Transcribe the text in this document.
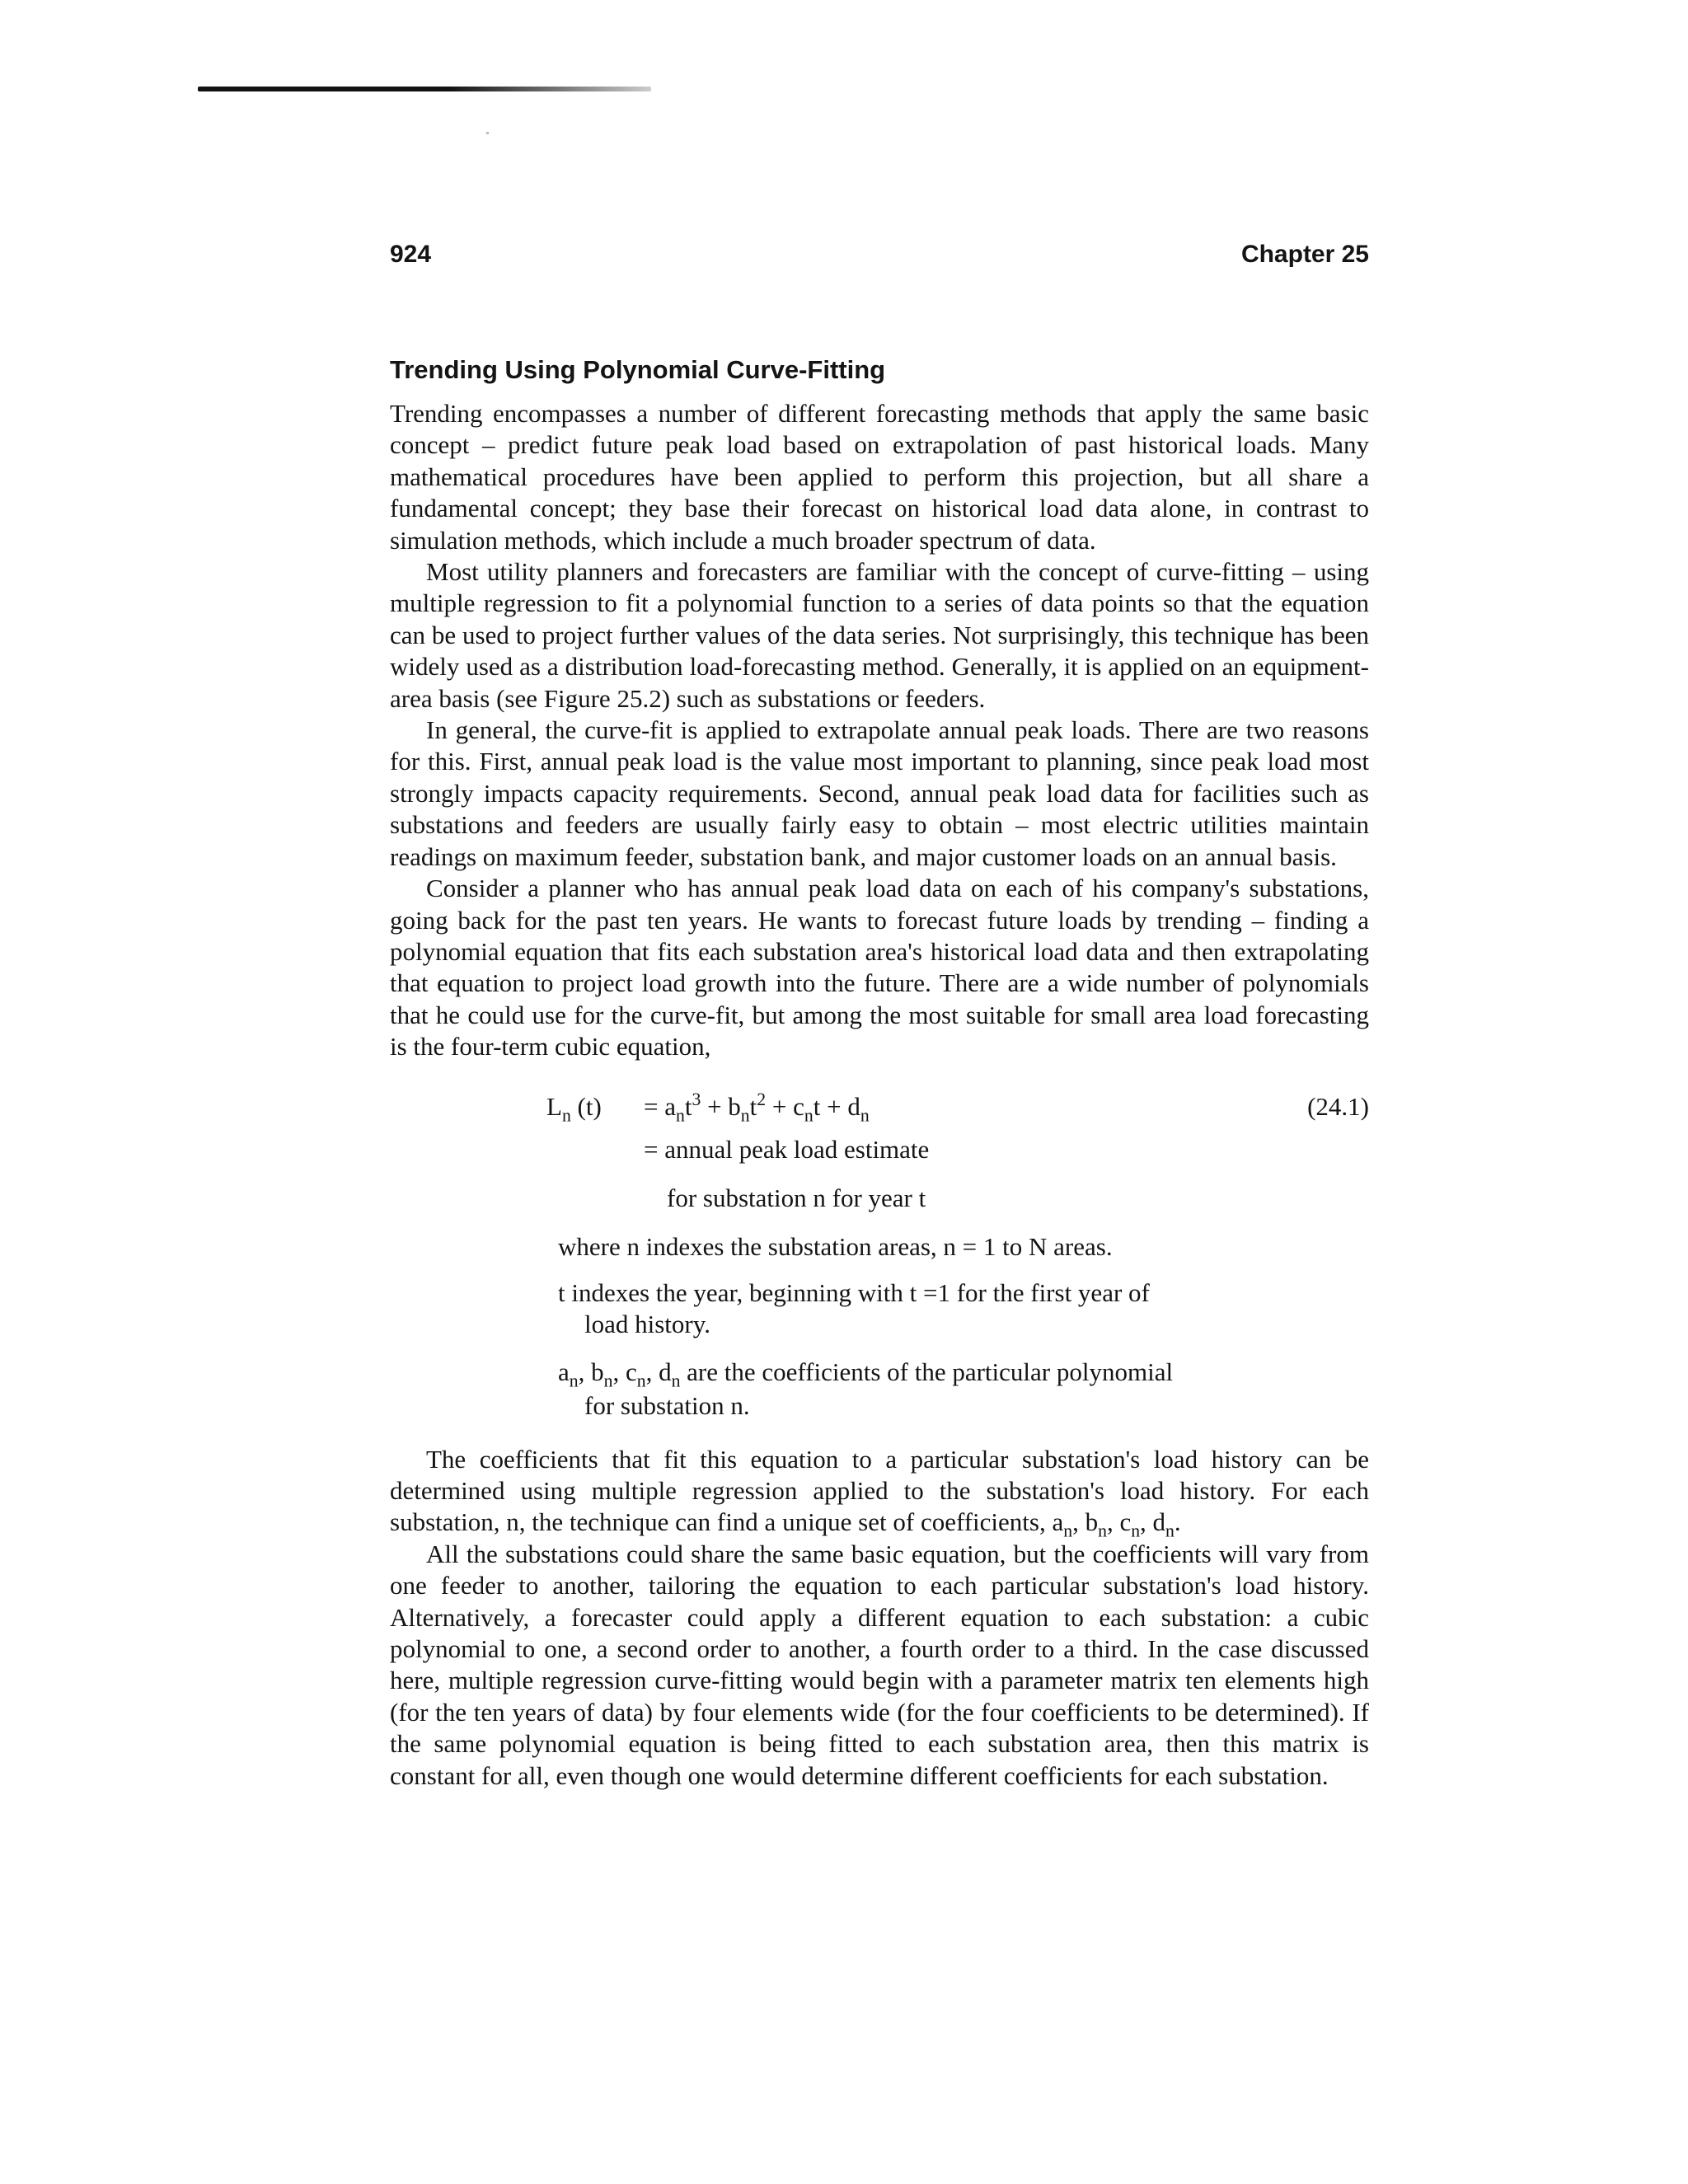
924	Chapter 25
Trending Using Polynomial Curve-Fitting

Trending encompasses a number of different forecasting methods that apply the same basic concept – predict future peak load based on extrapolation of past historical loads. Many mathematical procedures have been applied to perform this projection, but all share a fundamental concept; they base their forecast on historical load data alone, in contrast to simulation methods, which include a much broader spectrum of data.

Most utility planners and forecasters are familiar with the concept of curve-fitting – using multiple regression to fit a polynomial function to a series of data points so that the equation can be used to project further values of the data series. Not surprisingly, this technique has been widely used as a distribution load-forecasting method. Generally, it is applied on an equipment-area basis (see Figure 25.2) such as substations or feeders.

In general, the curve-fit is applied to extrapolate annual peak loads. There are two reasons for this. First, annual peak load is the value most important to planning, since peak load most strongly impacts capacity requirements. Second, annual peak load data for facilities such as substations and feeders are usually fairly easy to obtain – most electric utilities maintain readings on maximum feeder, substation bank, and major customer loads on an annual basis.

Consider a planner who has annual peak load data on each of his company's substations, going back for the past ten years. He wants to forecast future loads by trending – finding a polynomial equation that fits each substation area's historical load data and then extrapolating that equation to project load growth into the future. There are a wide number of polynomials that he could use for the curve-fit, but among the most suitable for small area load forecasting is the four-term cubic equation,

$L_n$ $(t) = a_nt^3 + b_nt^2 + c_nt + d_n$	(24.1)
= annual peak load estimate
for substation n for year t
where n indexes the substation areas, n = 1 to N areas.
t indexes the year, beginning with t =1 for the first year of
load history.
$a_n$, $b_n$, $c_n$, $d_n$ are the coefficients of the particular polynomial
for substation n.

The coefficients that fit this equation to a particular substation's load history can be determined using multiple regression applied to the substation's load history. For each substation, n, the technique can find a unique set of coefficients, $a_n$, $b_n$, $c_n$, $d_n$.

All the substations could share the same basic equation, but the coefficients will vary from one feeder to another, tailoring the equation to each particular substation's load history. Alternatively, a forecaster could apply a different equation to each substation: a cubic polynomial to one, a second order to another, a fourth order to a third. In the case discussed here, multiple regression curve-fitting would begin with a parameter matrix ten elements high (for the ten years of data) by four elements wide (for the four coefficients to be determined). If the same polynomial equation is being fitted to each substation area, then this matrix is constant for all, even though one would determine different coefficients for each substation.
